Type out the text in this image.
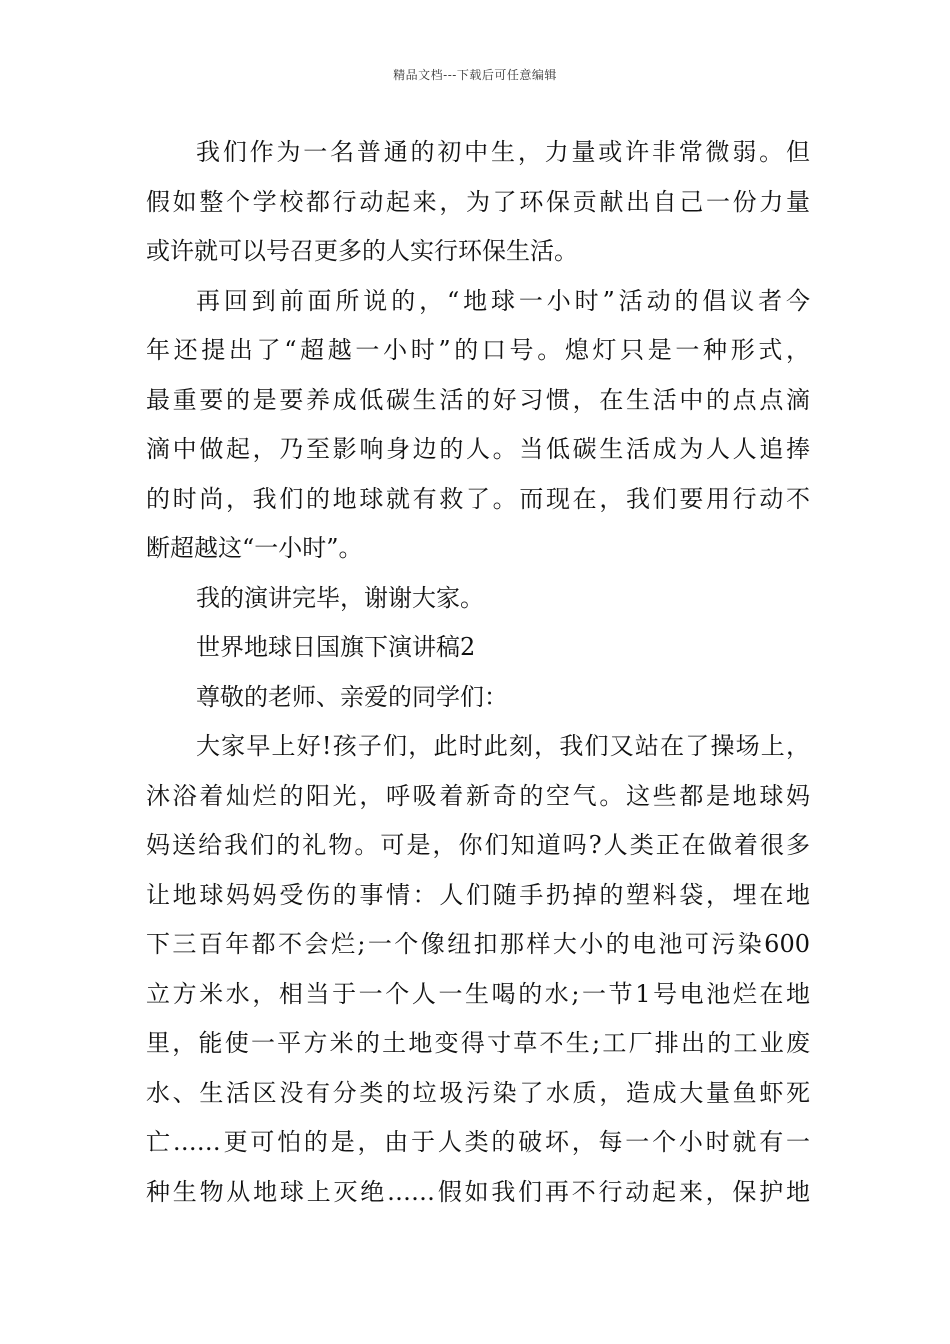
精品文档---下载后可任意编辑
我们作为一名普通的初中生，力量或许非常微弱。但
假如整个学校都行动起来，为了环保贡献出自己一份力量
或许就可以号召更多的人实行环保生活。
再回到前面所说的，“地球一小时”活动的倡议者今
年还提出了“超越一小时”的口号。熄灯只是一种形式，
最重要的是要养成低碳生活的好习惯，在生活中的点点滴
滴中做起，乃至影响身边的人。当低碳生活成为人人追捧
的时尚，我们的地球就有救了。而现在，我们要用行动不
断超越这“一小时”。
我的演讲完毕，谢谢大家。
世界地球日国旗下演讲稿2
尊敬的老师、亲爱的同学们：
大家早上好!孩子们，此时此刻，我们又站在了操场上，
沐浴着灿烂的阳光，呼吸着新奇的空气。这些都是地球妈
妈送给我们的礼物。可是，你们知道吗?人类正在做着很多
让地球妈妈受伤的事情：人们随手扔掉的塑料袋，埋在地
下三百年都不会烂;一个像纽扣那样大小的电池可污染600
立方米水，相当于一个人一生喝的水;一节1号电池烂在地
里，能使一平方米的土地变得寸草不生;工厂排出的工业废
水、生活区没有分类的垃圾污染了水质，造成大量鱼虾死
亡……更可怕的是，由于人类的破坏，每一个小时就有一
种生物从地球上灭绝……假如我们再不行动起来，保护地
